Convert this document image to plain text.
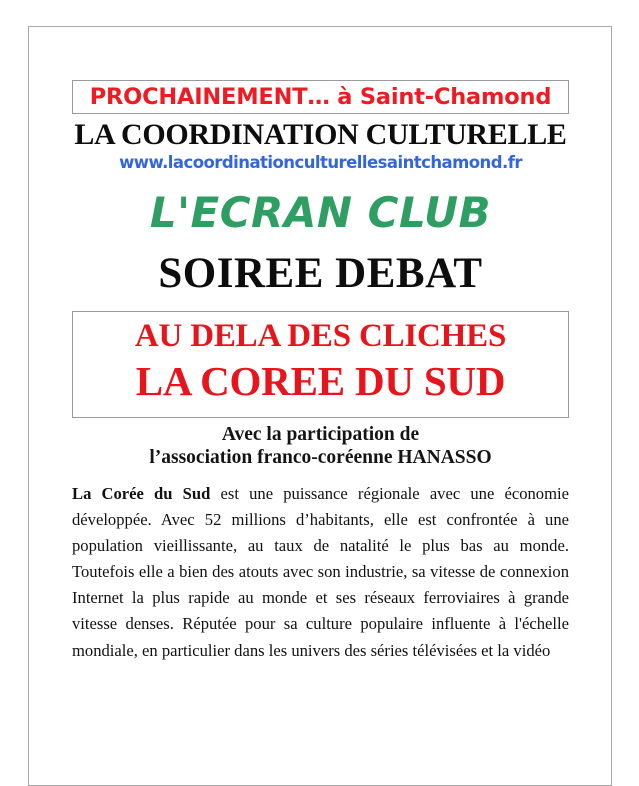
PROCHAINEMENT… à Saint-Chamond
LA COORDINATION CULTURELLE
www.lacoordinationculturellesaintchamond.fr
L'ECRAN CLUB
SOIREE DEBAT
AU DELA DES CLICHES
LA COREE DU SUD
Avec la participation de
l’association franco-coréenne HANASSO

La Corée du Sud est une puissance régionale avec une économie développée. Avec 52 millions d’habitants, elle est confrontée à une population vieillissante, au taux de natalité le plus bas au monde. Toutefois elle a bien des atouts avec son industrie, sa vitesse de connexion Internet la plus rapide au monde et ses réseaux ferroviaires à grande vitesse denses. Réputée pour sa culture populaire influente à l'échelle mondiale, en particulier dans les univers des séries télévisées et la vidéo
